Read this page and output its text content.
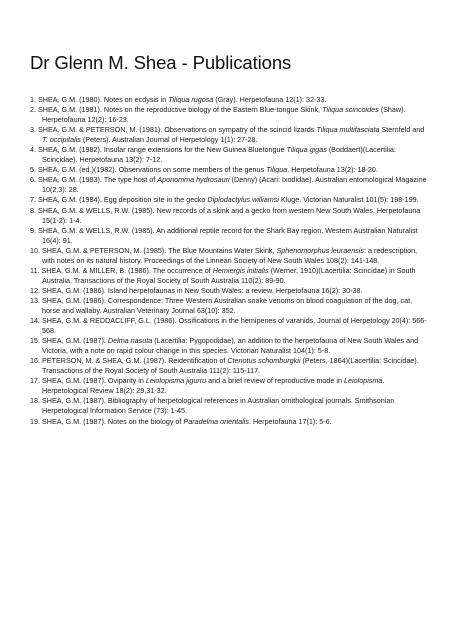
Dr Glenn M. Shea - Publications

1. SHEA, G.M. (1980). Notes on ecdysis in Tiliqua rugosa (Gray). Herpetofauna 12(1): 32-33.

2. SHEA, G.M. (1981). Notes on the reproductive biology of the Eastern Blue-tongue Skink, Tiliqua scincoides (Shaw). Herpetofauna 12(2): 16-23.

3. SHEA, G.M. & PETERSON, M. (1981). Observations on sympatry of the scincid lizards Tiliqua multifasciata Sternfeld and T. occipitalis (Peters). Australian Journal of Herpetology 1(1): 27-28.

4. SHEA, G.M. (1982). Insular range extensions for the New Guinea Bluetongue Tiliqua gigas (Boddaert)(Lacertilia: Scincidae). Herpetofauna 13(2): 7-12.

5. SHEA, G.M. (ed.)(1982). Observations on some members of the genus Tiliqua. Herpetofauna 13(2): 18-20.

6. SHEA, G.M. (1983). The type host of Aponomma hydrosauri (Denny) (Acari: Ixodidae). Australian entomological Magazine 10(2,3): 28.

7. SHEA, G.M. (1984). Egg deposition site in the gecko Diplodactylus williamsi Kluge. Victorian Naturalist 101(5): 198-199.

8. SHEA, G.M. & WELLS, R.W. (1985). New records of a skink and a gecko from western New South Wales. Herpetofauna 15(1-2): 1-4.

9. SHEA, G.M. & WELLS, R.W. (1985). An additional reptile record for the Shark Bay region. Western Australian Naturalist 16(4): 91.

10. SHEA, G.M. & PETERSON, M. (1985). The Blue Mountains Water Skink, Sphenomorphus leuraensis: a redescription, with notes on its natural history. Proceedings of the Linnean Society of New South Wales 108(2): 141-148.

11. SHEA, G.M. & MILLER, B. (1986). The occurrence of Hemiergis initialis (Werner, 1910)(Lacertilia: Scincidae) in South Australia. Transactions of the Royal Society of South Australia 110(2): 89-90.

12. SHEA, G.M. (1986). Island herpetofaunas in New South Wales: a review. Herpetofauna 16(2): 30-38.

13. SHEA, G.M. (1986). Correspondence: Three Western Australian snake venoms on blood coagulation of the dog, cat, horse and wallaby. Australian Veterinary Journal 63(10): 352.

14. SHEA, G.M. & REDDACLIFF, G.L. (1986). Ossifications in the hemipenes of varanids. Journal of Herpetology 20(4): 566-568.

15. SHEA, G.M. (1987). Delma nasuta (Lacertilia: Pygopodidae), an addition to the herpetofauna of New South Wales and Victoria, with a note on rapid colour change in this species. Victorian Naturalist 104(1): 5-8.

16. PETERSON, M. & SHEA, G.M. (1987). Reidentification of Ctenotus schomburgkii (Peters, 1864)(Lacertilia: Scincidae). Transactions of the Royal Society of South Australia 111(2): 115-117.

17. SHEA, G.M. (1987). Oviparity in Leiolopisma jigurru and a brief review of reproductive mode in Leiolopisma. Herpetological Review 18(2): 29,31-32.

18. SHEA, G.M. (1987). Bibliography of herpetological references in Australian ornithological journals. Smithsonian Herpetological Information Service (73): 1-45.

19. SHEA, G.M. (1987). Notes on the biology of Paradelma orientalis. Herpetofauna 17(1): 5-6.
